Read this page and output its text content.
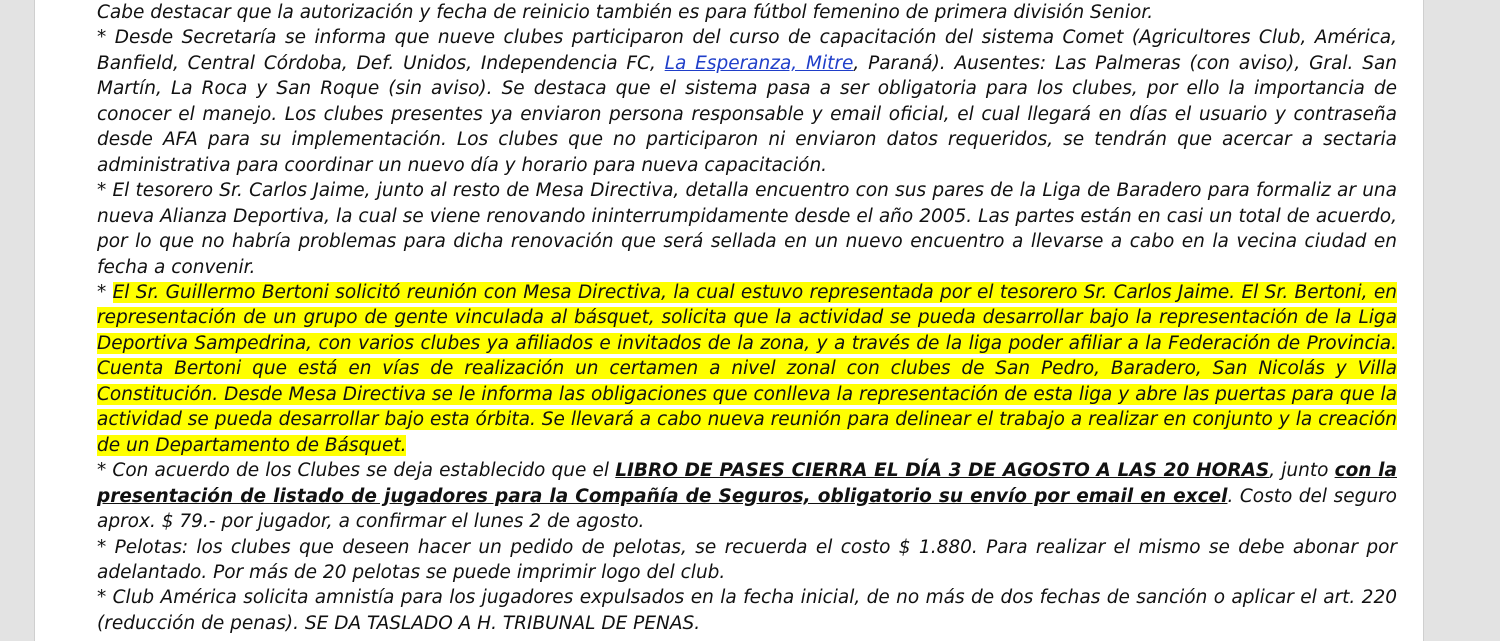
Cabe destacar que la autorización y fecha de reinicio también es para fútbol femenino de primera división Senior.

* Desde Secretaría se informa que nueve clubes participaron del curso de capacitación del sistema Comet (Agricultores Club, América, Banfield, Central Córdoba, Def. Unidos, Independencia FC, La Esperanza, Mitre, Paraná). Ausentes: Las Palmeras (con aviso), Gral. San Martín, La Roca y San Roque (sin aviso). Se destaca que el sistema pasa a ser obligatoria para los clubes, por ello la importancia de conocer el manejo. Los clubes presentes ya enviaron persona responsable y email oficial, el cual llegará en días el usuario y contraseña desde AFA para su implementación. Los clubes que no participaron ni enviaron datos requeridos, se tendrán que acercar a sectaria administrativa para coordinar un nuevo día y horario para nueva capacitación.

* El tesorero Sr. Carlos Jaime, junto al resto de Mesa Directiva, detalla encuentro con sus pares de la Liga de Baradero para formaliz ar una nueva Alianza Deportiva, la cual se viene renovando ininterrumpidamente desde el año 2005. Las partes están en casi un total de acuerdo, por lo que no habría problemas para dicha renovación que será sellada en un nuevo encuentro a llevarse a cabo en la vecina ciudad en fecha a convenir.

* El Sr. Guillermo Bertoni solicitó reunión con Mesa Directiva, la cual estuvo representada por el tesorero Sr. Carlos Jaime. El Sr. Bertoni, en representación de un grupo de gente vinculada al básquet, solicita que la actividad se pueda desarrollar bajo la representación de la Liga Deportiva Sampedrina, con varios clubes ya afiliados e invitados de la zona, y a través de la liga poder afiliar a la Federación de Provincia. Cuenta Bertoni que está en vías de realización un certamen a nivel zonal con clubes de San Pedro, Baradero, San Nicolás y Villa Constitución. Desde Mesa Directiva se le informa las obligaciones que conlleva la representación de esta liga y abre las puertas para que la actividad se pueda desarrollar bajo esta órbita. Se llevará a cabo nueva reunión para delinear el trabajo a realizar en conjunto y la creación de un Departamento de Básquet.

* Con acuerdo de los Clubes se deja establecido que el LIBRO DE PASES CIERRA EL DÍA 3 DE AGOSTO A LAS 20 HORAS, junto con la presentación de listado de jugadores para la Compañía de Seguros, obligatorio su envío por email en excel. Costo del seguro aprox. $ 79.- por jugador, a confirmar el lunes 2 de agosto.

* Pelotas: los clubes que deseen hacer un pedido de pelotas, se recuerda el costo $ 1.880. Para realizar el mismo se debe abonar por adelantado. Por más de 20 pelotas se puede imprimir logo del club.

* Club América solicita amnistía para los jugadores expulsados en la fecha inicial, de no más de dos fechas de sanción o aplicar el art. 220 (reducción de penas). SE DA TASLADO A H. TRIBUNAL DE PENAS.
